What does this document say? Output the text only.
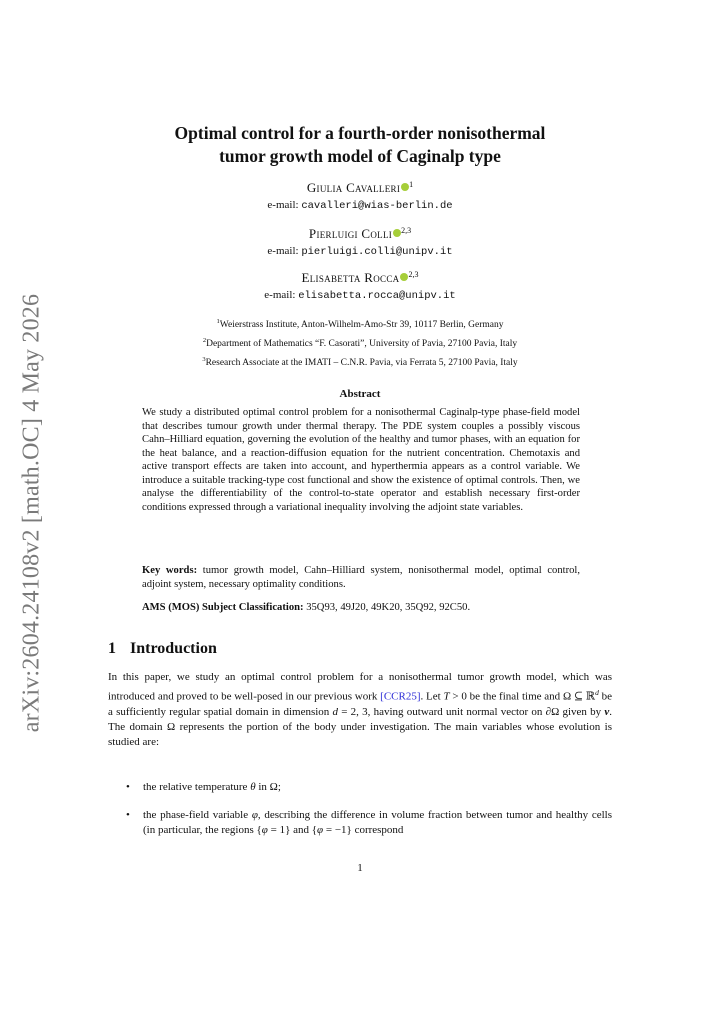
arXiv:2604.24108v2 [math.OC] 4 May 2026
Optimal control for a fourth-order nonisothermal
tumor growth model of Caginalp type
Giulia Cavalleri $^1$
e-mail: cavalleri@wias-berlin.de
Pierluigi Colli $^{2,3}$
e-mail: pierluigi.colli@unipv.it
Elisabetta Rocca $^{2,3}$
e-mail: elisabetta.rocca@unipv.it
$^1$Weierstrass Institute, Anton-Wilhelm-Amo-Str 39, 10117 Berlin, Germany
$^2$Department of Mathematics “F. Casorati”, University of Pavia, 27100 Pavia, Italy
$^3$Research Associate at the IMATI – C.N.R. Pavia, via Ferrata 5, 27100 Pavia, Italy
Abstract
We study a distributed optimal control problem for a nonisothermal Caginalp-type phase-field model that describes tumour growth under thermal therapy. The PDE system couples a possibly viscous Cahn–Hilliard equation, governing the evolution of the healthy and tumor phases, with an equation for the heat balance, and a reaction-diffusion equation for the nutrient concentration. Chemotaxis and active transport effects are taken into account, and hyperthermia appears as a control variable. We introduce a suitable tracking-type cost functional and show the existence of optimal controls. Then, we analyse the differentiability of the control-to-state operator and establish necessary first-order conditions expressed through a variational inequality involving the adjoint state variables.
Key words: tumor growth model, Cahn–Hilliard system, nonisothermal model, optimal control, adjoint system, necessary optimality conditions.
AMS (MOS) Subject Classification: 35Q93, 49J20, 49K20, 35Q92, 92C50.
1 Introduction
In this paper, we study an optimal control problem for a nonisothermal tumor growth model, which was introduced and proved to be well-posed in our previous work [CCR25]. Let T > 0 be the final time and Ω ⊆ ℝ$^d$ be a sufficiently regular spatial domain in dimension d = 2, 3, having outward unit normal vector on ∂Ω given by ν. The domain Ω represents the portion of the body under investigation. The main variables whose evolution is studied are:
• the relative temperature θ in Ω;
• the phase-field variable φ, describing the difference in volume fraction between tumor and healthy cells (in particular, the regions {φ = 1} and {φ = −1} correspond
1
